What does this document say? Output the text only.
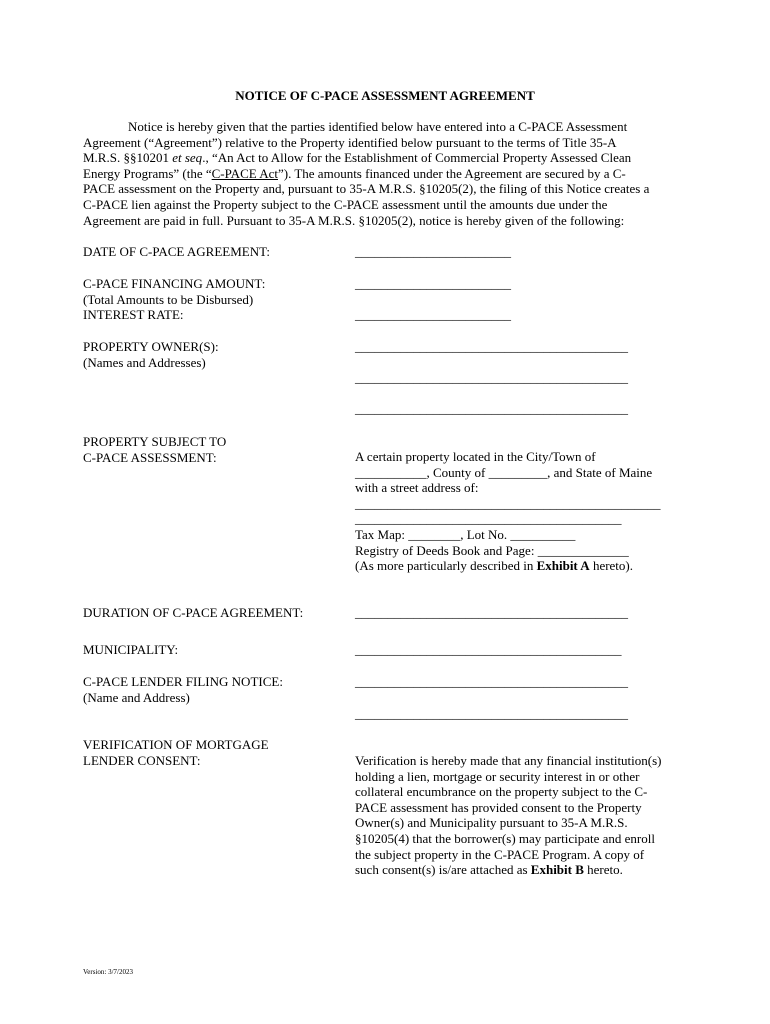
NOTICE OF C-PACE ASSESSMENT AGREEMENT
Notice is hereby given that the parties identified below have entered into a C-PACE Assessment
Agreement (“Agreement”) relative to the Property identified below pursuant to the terms of Title 35-A
M.R.S. §§10201 et seq., “An Act to Allow for the Establishment of Commercial Property Assessed Clean
Energy Programs” (the “C-PACE Act”). The amounts financed under the Agreement are secured by a C-
PACE assessment on the Property and, pursuant to 35-A M.R.S. §10205(2), the filing of this Notice creates a
C-PACE lien against the Property subject to the C-PACE assessment until the amounts due under the
Agreement are paid in full. Pursuant to 35-A M.R.S. §10205(2), notice is hereby given of the following:
DATE OF C-PACE AGREEMENT:	________________________
C-PACE FINANCING AMOUNT:
(Total Amounts to be Disbursed)
________________________
INTEREST RATE:	________________________
PROPERTY OWNER(S):
(Names and Addresses)
__________________________________________
__________________________________________
__________________________________________
PROPERTY SUBJECT TO
C-PACE ASSESSMENT:	A certain property located in the City/Town of
___________, County of _________, and State of Maine
with a street address of:
_______________________________________________
_________________________________________
Tax Map: ________, Lot No. __________
Registry of Deeds Book and Page: ______________
(As more particularly described in Exhibit A hereto).
DURATION OF C-PACE AGREEMENT:	__________________________________________
MUNICIPALITY:	_________________________________________
C-PACE LENDER FILING NOTICE:
(Name and Address)
__________________________________________
__________________________________________
VERIFICATION OF MORTGAGE
LENDER CONSENT:	Verification is hereby made that any financial institution(s)
holding a lien, mortgage or security interest in or other
collateral encumbrance on the property subject to the C-
PACE assessment has provided consent to the Property
Owner(s) and Municipality pursuant to 35-A M.R.S.
§10205(4) that the borrower(s) may participate and enroll
the subject property in the C-PACE Program. A copy of
such consent(s) is/are attached as Exhibit B hereto.
Version: 3/7/2023
